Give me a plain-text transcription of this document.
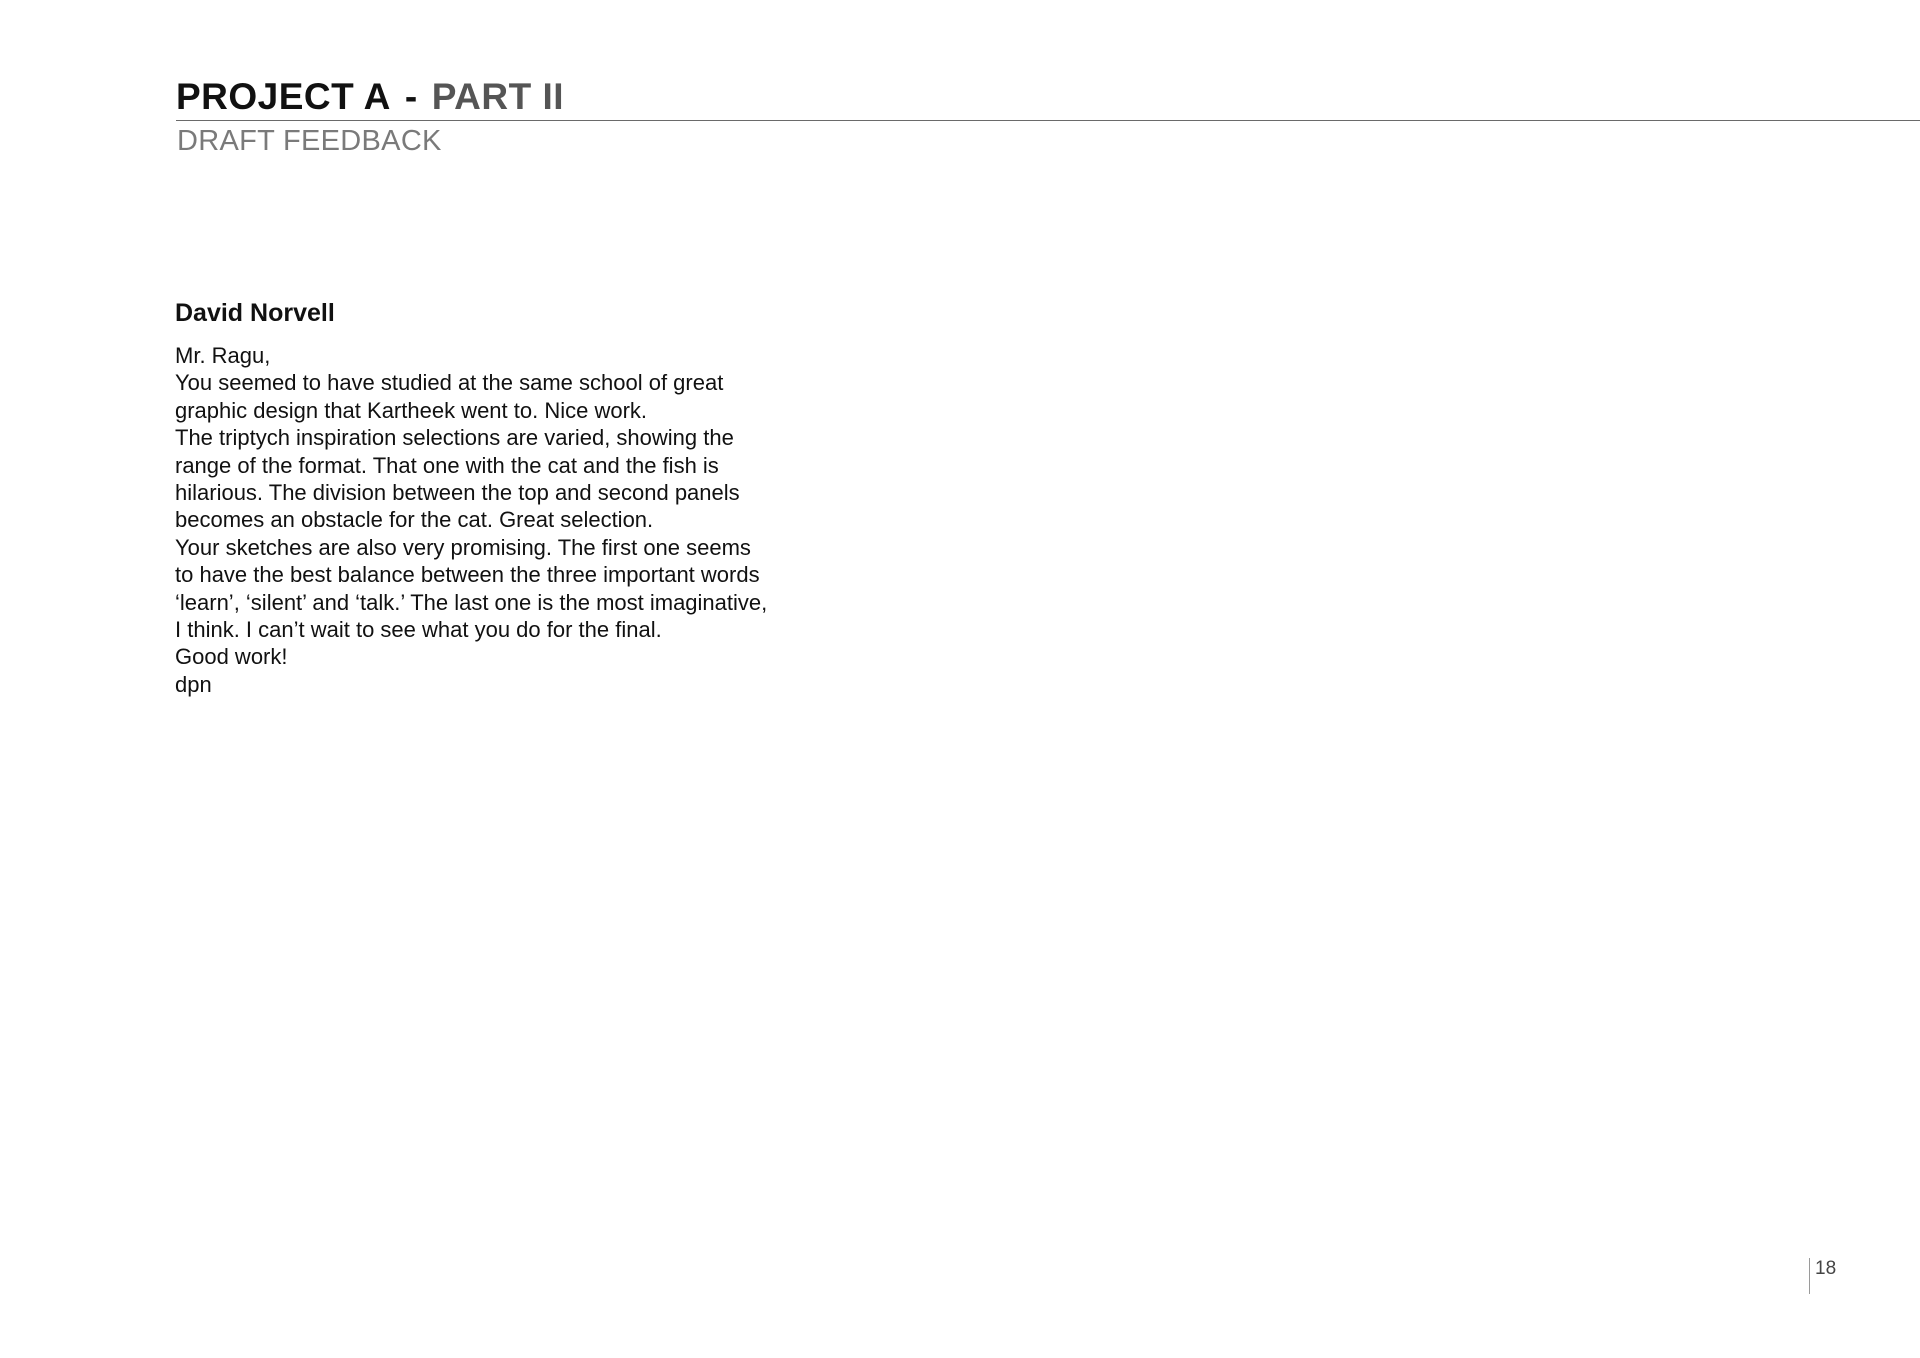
PROJECT A - PART II
DRAFT FEEDBACK
David Norvell
Mr. Ragu,
You seemed to have studied at the same school of great
graphic design that Kartheek went to. Nice work.
The triptych inspiration selections are varied, showing the
range of the format. That one with the cat and the fish is
hilarious. The division between the top and second panels
becomes an obstacle for the cat. Great selection.
Your sketches are also very promising. The first one seems
to have the best balance between the three important words
‘learn’, ‘silent’ and ‘talk.’ The last one is the most imaginative,
I think. I can’t wait to see what you do for the final.
Good work!
dpn
18
